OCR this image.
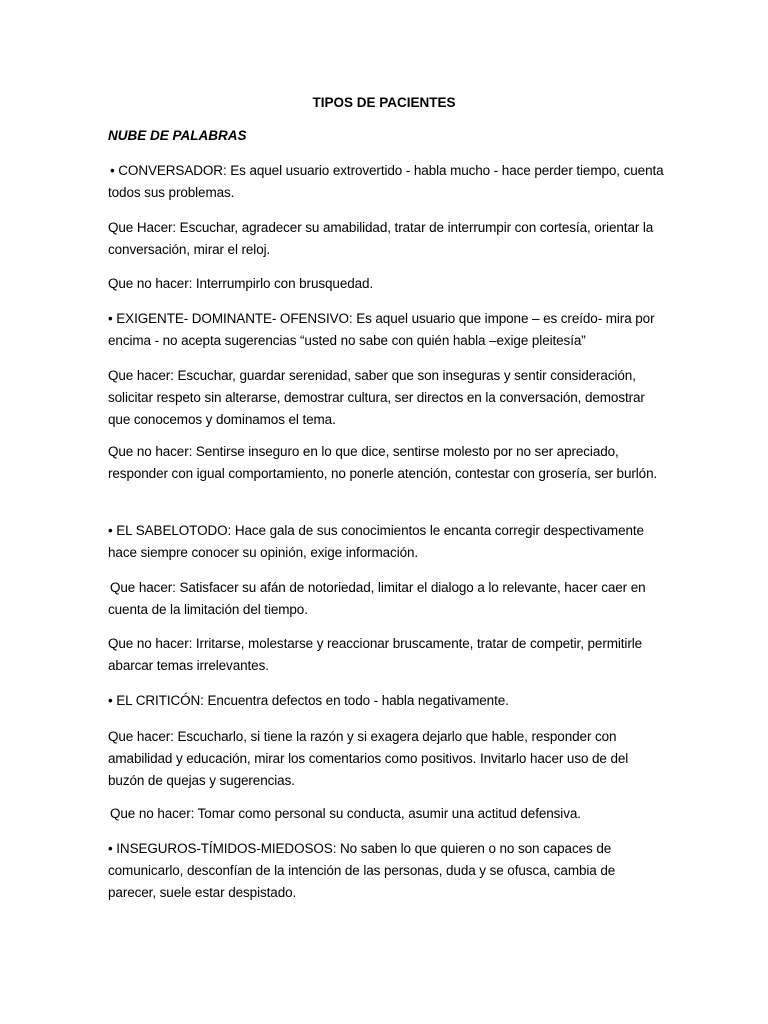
TIPOS DE PACIENTES

NUBE DE PALABRAS

• CONVERSADOR: Es aquel usuario extrovertido - habla mucho - hace perder tiempo, cuenta todos sus problemas.

Que Hacer: Escuchar, agradecer su amabilidad, tratar de interrumpir con cortesía, orientar la conversación, mirar el reloj.

Que no hacer: Interrumpirlo con brusquedad.

• EXIGENTE- DOMINANTE- OFENSIVO: Es aquel usuario que impone – es creído- mira por encima - no acepta sugerencias “usted no sabe con quién habla –exige pleitesía”

Que hacer: Escuchar, guardar serenidad, saber que son inseguras y sentir consideración, solicitar respeto sin alterarse, demostrar cultura, ser directos en la conversación, demostrar que conocemos y dominamos el tema.

Que no hacer: Sentirse inseguro en lo que dice, sentirse molesto por no ser apreciado, responder con igual comportamiento, no ponerle atención, contestar con grosería, ser burlón.

• EL SABELOTODO: Hace gala de sus conocimientos le encanta corregir despectivamente hace siempre conocer su opinión, exige información.

Que hacer: Satisfacer su afán de notoriedad, limitar el dialogo a lo relevante, hacer caer en cuenta de la limitación del tiempo.

Que no hacer: Irritarse, molestarse y reaccionar bruscamente, tratar de competir, permitirle abarcar temas irrelevantes.

• EL CRITICÓN: Encuentra defectos en todo - habla negativamente.

Que hacer: Escucharlo, si tiene la razón y si exagera dejarlo que hable, responder con amabilidad y educación, mirar los comentarios como positivos. Invitarlo hacer uso de del buzón de quejas y sugerencias.

Que no hacer: Tomar como personal su conducta, asumir una actitud defensiva.

• INSEGUROS-TÍMIDOS-MIEDOSOS: No saben lo que quieren o no son capaces de comunicarlo, desconfían de la intención de las personas, duda y se ofusca, cambia de parecer, suele estar despistado.
